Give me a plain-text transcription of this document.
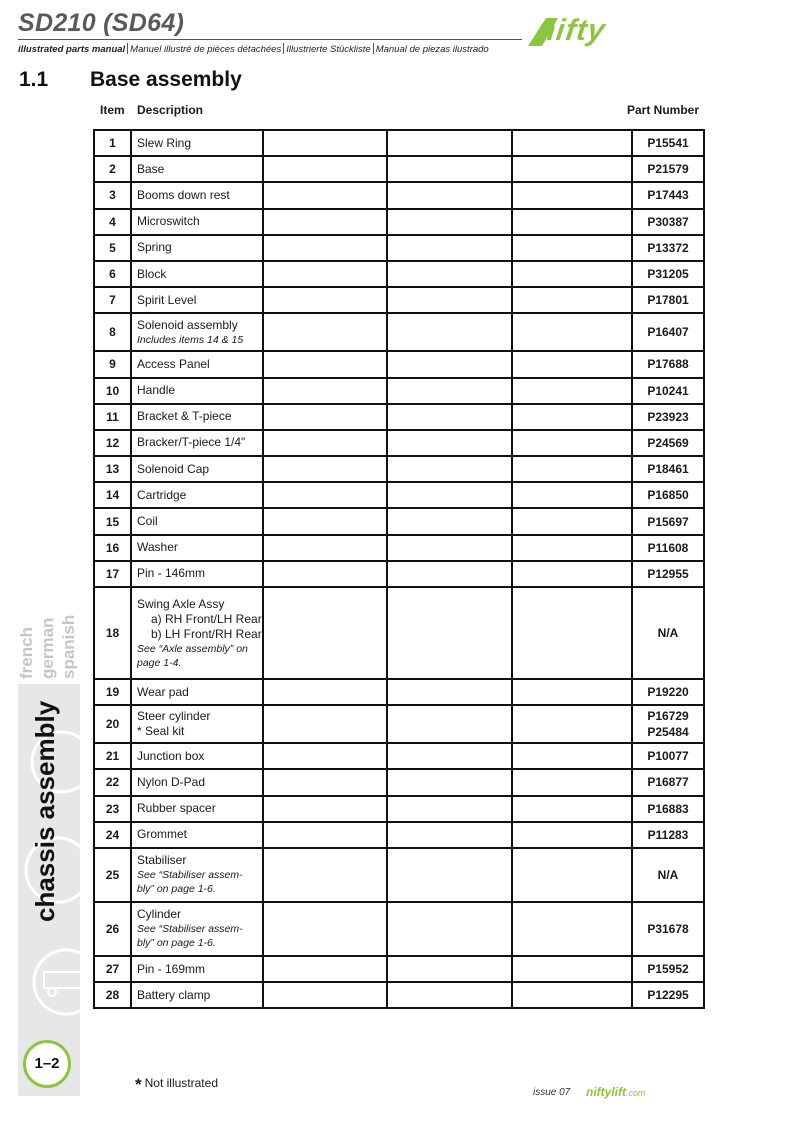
SD210 (SD64)
illustrated parts manual Manuel illustré de pièces détachées Illustrierte Stückliste Manual de piezas ilustrado
nifty
1.1 Base assembly
Item Description	Part Number
1	Slew Ring				P15541

2	Base				P21579

3	Booms down rest				P17443

4	Microswitch				P30387

5	Spring				P13372

6	Block				P31205

7	Spirit Level				P17801

8	Solenoid assembly
Includes items 14 & 15				P16407

9	Access Panel				P17688

10	Handle				P10241

11	Bracket & T-piece				P23923

12	Bracker/T-piece 1/4"				P24569

13	Solenoid Cap				P18461

14	Cartridge				P16850

15	Coil				P15697

16	Washer				P11608

17	Pin - 146mm				P12955

18	Swing Axle Assy
a) RH Front/LH Rear
b) LH Front/RH Rear
See “Axle assembly” on
page 1-4.				N/A

19	Wear pad				P19220

20	Steer cylinder
* Seal kit				P16729
P25484

21	Junction box				P10077

22	Nylon D-Pad				P16877

23	Rubber spacer				P16883

24	Grommet				P11283

25	Stabiliser
See “Stabiliser assem-
bly” on page 1-6.				N/A

26	Cylinder
See “Stabiliser assem-
bly” on page 1-6.				P31678

27	Pin - 169mm				P15952

28	Battery clamp				P12295
french german spanish
chassis assembly
1–2
* Not illustrated
issue 07 niftylift.com
